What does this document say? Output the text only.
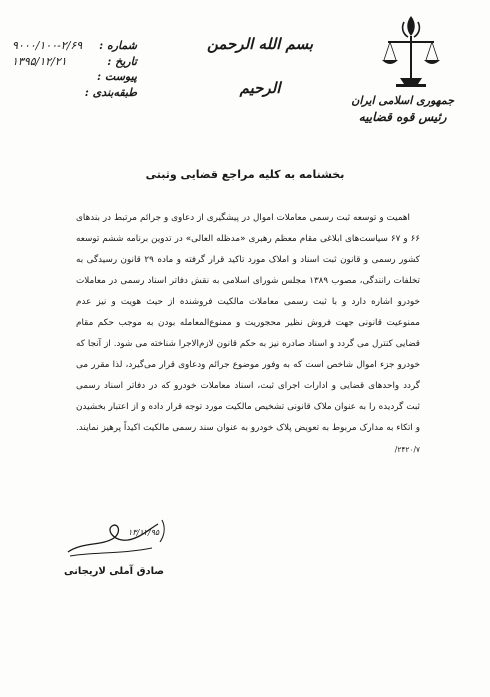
جمهوری اسلامی ایران
رئیس قوه قضاییه
بسم الله الرحمن الرحیم
شماره :
۹۰۰۰/۱۰۰-۲/۶۹
تاریخ :
۱۳۹۵/۱۲/۲۱
پیوست :
طبقه‌بندی :
بخشنامه به کلیه مراجع قضایی وثبتی

اهمیت و توسعه ثبت رسمی معاملات اموال در پیشگیری از دعاوی و جرائم مرتبط در بندهای ۶۶ و ۶۷ سیاست‌های ابلاغی مقام معظم رهبری «مدظله العالی» در تدوین برنامه ششم توسعه کشور رسمی و قانون ثبت اسناد و املاک مورد تاکید قرار گرفته و ماده ۲۹ قانون رسیدگی به تخلفات رانندگی، مصوب ۱۳۸۹ مجلس شورای اسلامی به نقش دفاتر اسناد رسمی در معاملات خودرو اشاره دارد و با ثبت رسمی معاملات مالکیت فروشنده از حیث هویت و نیز عدم ممنوعیت قانونی جهت فروش نظیر محجوریت و ممنوع‌المعامله بودن به موجب حکم مقام قضایی کنترل می گردد و اسناد صادره نیز به حکم قانون لازم‌الاجرا شناخته می شود. از آنجا که خودرو جزء اموال شاخص است که به وفور موضوع جرائم ودعاوی قرار می‌گیرد، لذا مقرر می گردد واحدهای قضایی و ادارات اجرای ثبت، اسناد معاملات خودرو که در دفاتر اسناد رسمی ثبت گردیده را به عنوان ملاک قانونی تشخیص مالکیت مورد توجه قرار داده و از اعتبار بخشیدن و اتکاء به مدارک مربوط به تعویض پلاک خودرو به عنوان سند رسمی مالکیت اکیداً پرهیز نمایند. ۲۴۲۰/۷/

۱۳/۱۲/۹۵
صادق آملی لاریجانی
